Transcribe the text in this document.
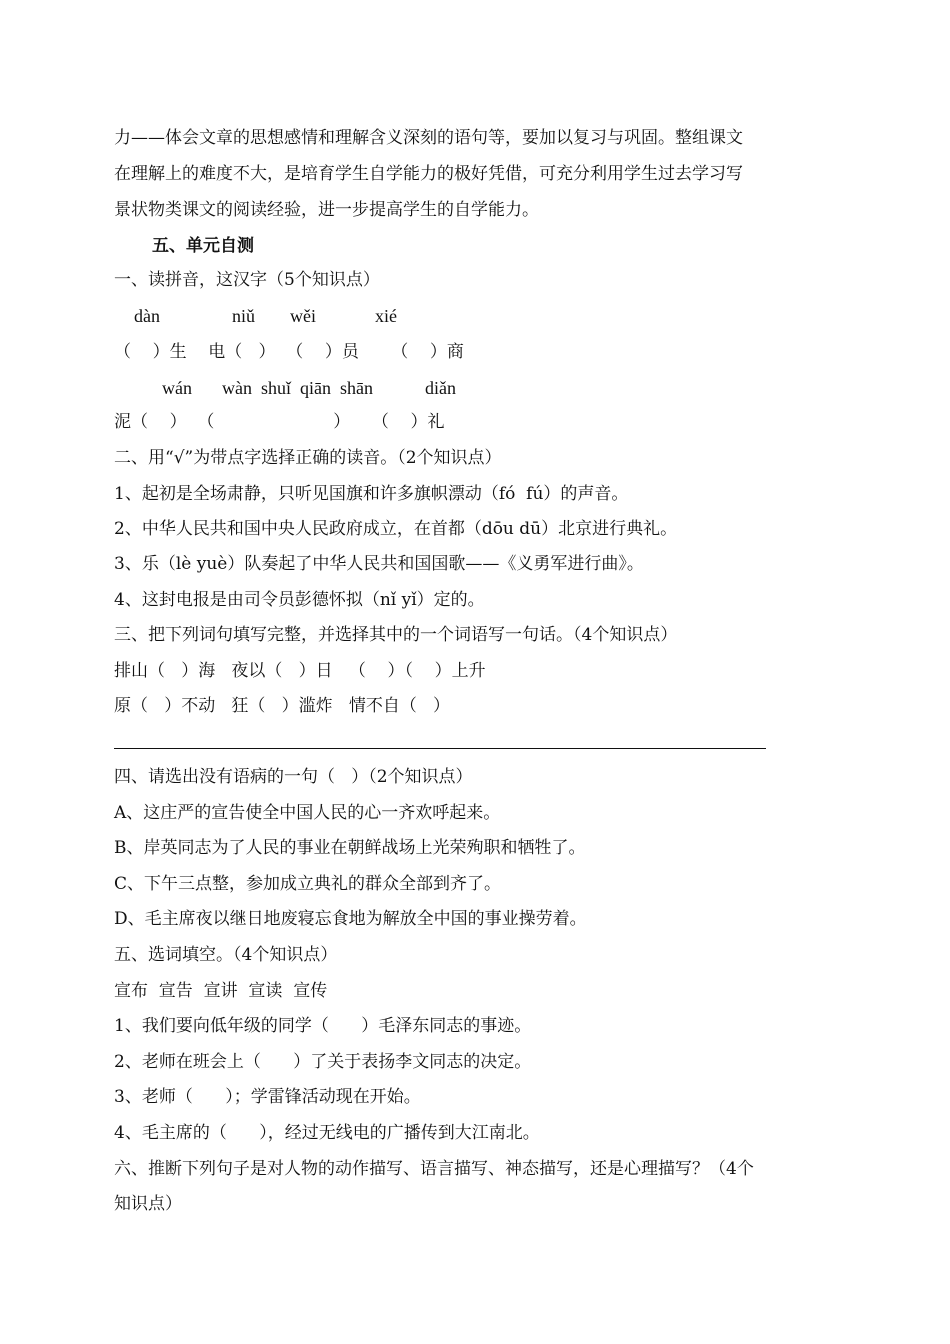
力——体会文章的思想感情和理解含义深刻的语句等，要加以复习与巩固。整组课文
在理解上的难度不大，是培育学生自学能力的极好凭借，可充分利用学生过去学习写
景状物类课文的阅读经验，进一步提高学生的自学能力。
五、单元自测
一、读拼音，这汉字（5个知识点）
dàn	niǔ wěi	xié
（    ）生    电（   ）  （    ）员      （    ）商
wán wàn  shuǐ  qiān  shān	diǎn
泥（    ）  （                      ）    （    ）礼
二、用“√”为带点字选择正确的读音。（2个知识点）
1、起初是全场肃静，只听见国旗和许多旗帜漂动（fó  fú）的声音。
2、中华人民共和国中央人民政府成立，在首都（dōu dū）北京进行典礼。
3、乐（lè yuè）队奏起了中华人民共和国国歌——《义勇军进行曲》。
4、这封电报是由司令员彭德怀拟（nǐ yǐ）定的。
三、把下列词句填写完整，并选择其中的一个词语写一句话。（4个知识点）
排山（   ）海   夜以（   ）日   （    ）（    ）上升
原（   ）不动   狂（   ）滥炸   情不自（   ）
四、请选出没有语病的一句（   ）（2个知识点）
A、这庄严的宣告使全中国人民的心一齐欢呼起来。
B、岸英同志为了人民的事业在朝鲜战场上光荣殉职和牺牲了。
C、下午三点整，参加成立典礼的群众全部到齐了。
D、毛主席夜以继日地废寝忘食地为解放全中国的事业操劳着。
五、选词填空。（4个知识点）
宣布  宣告  宣讲  宣读  宣传
1、我们要向低年级的同学（      ）毛泽东同志的事迹。
2、老师在班会上（      ）了关于表扬李文同志的决定。
3、老师（      ）；学雷锋活动现在开始。
4、毛主席的（      ），经过无线电的广播传到大江南北。
六、推断下列句子是对人物的动作描写、语言描写、神态描写，还是心理描写？（4个
知识点）
